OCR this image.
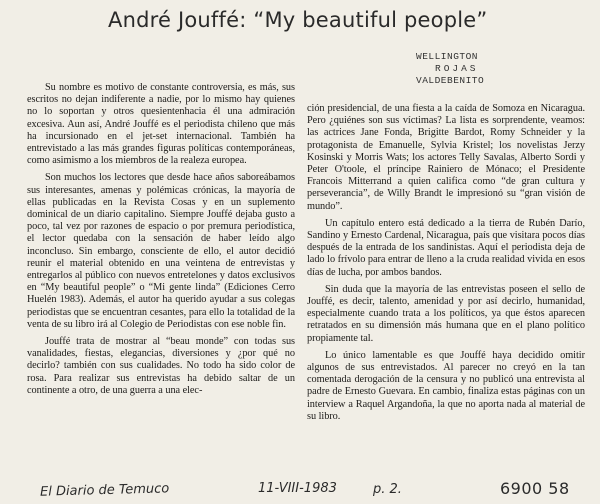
André Jouffé: “My beautiful people”
WELLINGTON
ROJAS
VALDEBENITO

Su nombre es motivo de constante controversia, es más, sus escritos no dejan indiferente a nadie, por lo mismo hay quienes no lo soportan y otros quesientenhacia él una admiración excesiva. Aun así, André Jouffé es el periodista chileno que más ha incursionado en el jet-set internacional. También ha entrevistado a las más grandes figuras políticas contemporáneas, como asimismo a los miembros de la realeza europea.

Son muchos los lectores que desde hace años saboreábamos sus interesantes, amenas y polémicas crónicas, la mayoría de ellas publicadas en la Revista Cosas y en un suplemento dominical de un diario capitalino. Siempre Jouffé dejaba gusto a poco, tal vez por razones de espacio o por premura periodística, el lector quedaba con la sensación de haber leído algo inconcluso. Sin embargo, consciente de ello, el autor decidió reunir el material obtenido en una veintena de entrevistas y entregarlos al público con nuevos entretelones y datos exclusivos en “My beautiful people” o “Mi gente linda” (Ediciones Cerro Huelén 1983). Además, el autor ha querido ayudar a sus colegas periodistas que se encuentran cesantes, para ello la totalidad de la venta de su libro irá al Colegio de Periodistas con ese noble fin.

Jouffé trata de mostrar al “beau monde” con todas sus vanalidades, fiestas, elegancias, diversiones y ¿por qué no decirlo? también con sus cualidades. No todo ha sido color de rosa. Para realizar sus entrevistas ha debido saltar de un continente a otro, de una guerra a una elec-

ción presidencial, de una fiesta a la caída de Somoza en Nicaragua. Pero ¿quiénes son sus víctimas? La lista es sorprendente, veamos: las actrices Jane Fonda, Brigitte Bardot, Romy Schneider y la protagonista de Emanuelle, Sylvia Kristel; los novelistas Jerzy Kosinski y Morris Wats; los actores Telly Savalas, Alberto Sordi y Peter O'toole, el príncipe Rainiero de Mónaco; el Presidente Francois Mitterrand a quien califica como “de gran cultura y perseverancia”, de Willy Brandt le impresionó su “gran visión de mundo”.

Un capítulo entero está dedicado a la tierra de Rubén Darío, Sandino y Ernesto Cardenal, Nicaragua, país que visitara pocos días después de la entrada de los sandinistas. Aquí el periodista deja de lado lo frívolo para entrar de lleno a la cruda realidad vivida en esos días de lucha, por ambos bandos.

Sin duda que la mayoría de las entrevistas poseen el sello de Jouffé, es decir, talento, amenidad y por así decirlo, humanidad, especialmente cuando trata a los políticos, ya que éstos aparecen retratados en su dimensión más humana que en el plano político propiamente tal.

Lo único lamentable es que Jouffé haya decidido omitir algunos de sus entrevistados. Al parecer no creyó en la tan comentada derogación de la censura y no publicó una entrevista al padre de Ernesto Guevara. En cambio, finaliza estas páginas con un interview a Raquel Argandoña, la que no aporta nada al material de su libro.

El Diario de Temuco	11-VIII-1983	p. 2.	6900 58
